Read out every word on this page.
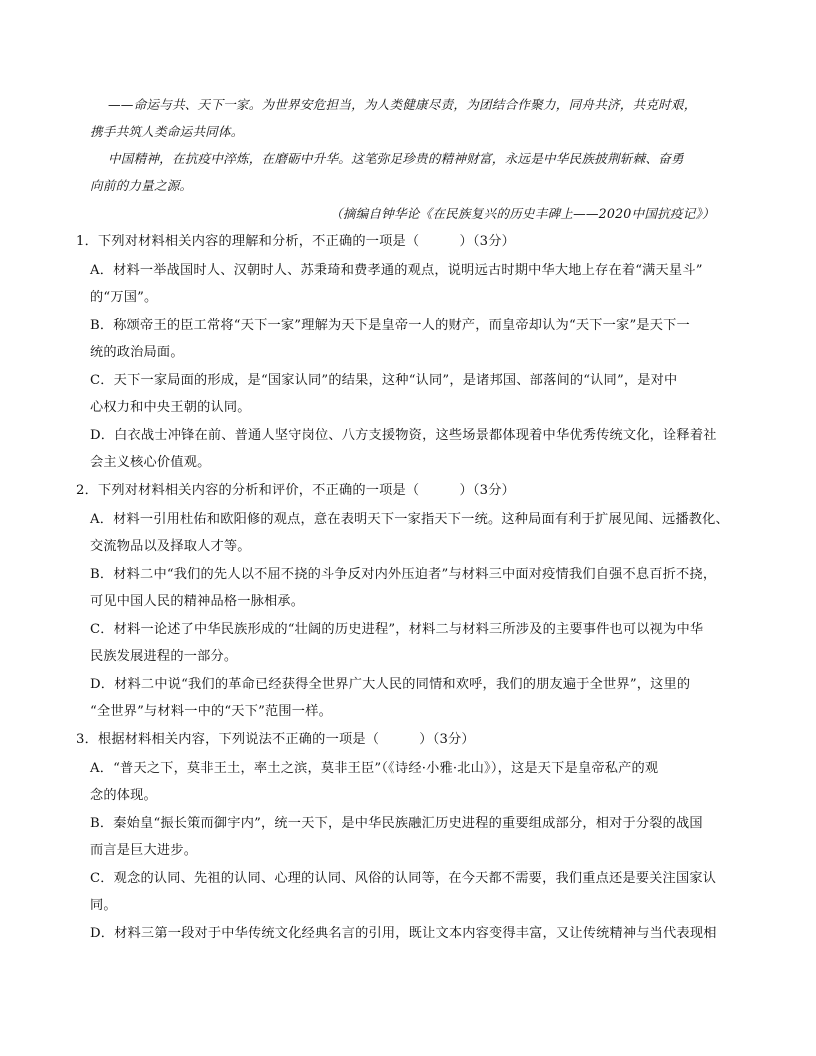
——命运与共、天下一家。为世界安危担当，为人类健康尽责，为团结合作聚力，同舟共济，共克时艰，
携手共筑人类命运共同体。
中国精神，在抗疫中淬炼，在磨砺中升华。这笔弥足珍贵的精神财富，永远是中华民族披荆斩棘、奋勇
向前的力量之源。
（摘编自钟华论《在民族复兴的历史丰碑上——2020中国抗疫记》）
1．下列对材料相关内容的理解和分析，不正确的一项是（　　　）（3分）
A．材料一举战国时人、汉朝时人、苏秉琦和费孝通的观点，说明远古时期中华大地上存在着“满天星斗”
的“万国”。
B．称颂帝王的臣工常将“天下一家”理解为天下是皇帝一人的财产，而皇帝却认为“天下一家”是天下一
统的政治局面。
C．天下一家局面的形成，是“国家认同”的结果，这种“认同”，是诸邦国、部落间的“认同”，是对中
心权力和中央王朝的认同。
D．白衣战士冲锋在前、普通人坚守岗位、八方支援物资，这些场景都体现着中华优秀传统文化，诠释着社
会主义核心价值观。
2．下列对材料相关内容的分析和评价，不正确的一项是（　　　）（3分）
A．材料一引用杜佑和欧阳修的观点，意在表明天下一家指天下一统。这种局面有利于扩展见闻、远播教化、
交流物品以及择取人才等。
B．材料二中“我们的先人以不屈不挠的斗争反对内外压迫者”与材料三中面对疫情我们自强不息百折不挠，
可见中国人民的精神品格一脉相承。
C．材料一论述了中华民族形成的“壮阔的历史进程”，材料二与材料三所涉及的主要事件也可以视为中华
民族发展进程的一部分。
D．材料二中说“我们的革命已经获得全世界广大人民的同情和欢呼，我们的朋友遍于全世界”，这里的
“全世界”与材料一中的“天下”范围一样。
3．根据材料相关内容，下列说法不正确的一项是（　　　）（3分）
A．“普天之下，莫非王土，率土之滨，莫非王臣”（《诗经·小雅·北山》），这是天下是皇帝私产的观
念的体现。
B．秦始皇“振长策而御宇内”，统一天下，是中华民族融汇历史进程的重要组成部分，相对于分裂的战国
而言是巨大进步。
C．观念的认同、先祖的认同、心理的认同、风俗的认同等，在今天都不需要，我们重点还是要关注国家认
同。
D．材料三第一段对于中华传统文化经典名言的引用，既让文本内容变得丰富，又让传统精神与当代表现相
